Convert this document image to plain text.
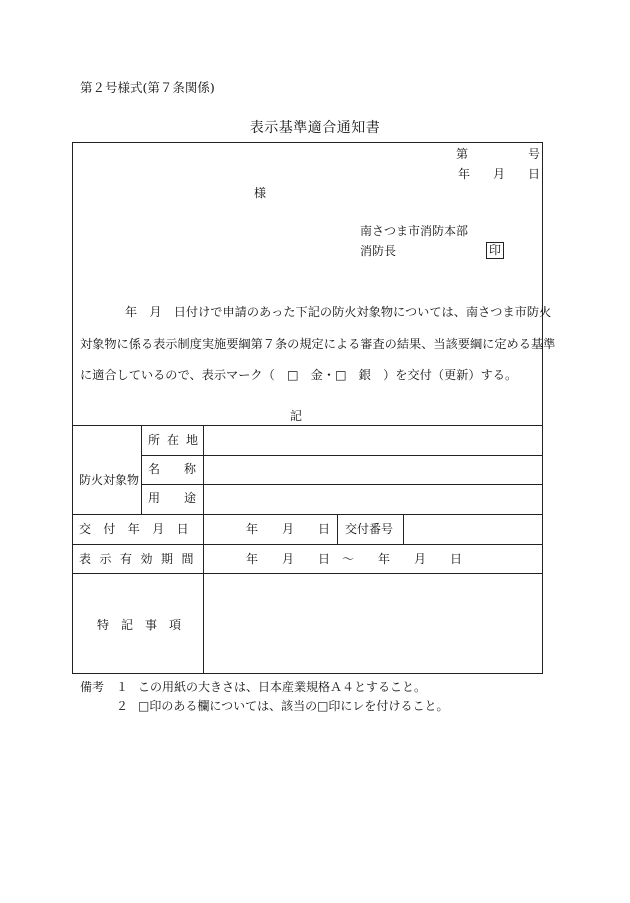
第２号様式(第７条関係)
表示基準適合通知書
第	号
年 月 日
様
南さつま市消防本部
消防長	印
年　月　日付けで申請のあった下記の防火対象物については、南さつま市防火
対象物に係る表示制度実施要綱第７条の規定による審査の結果、当該要綱に定める基準
に適合しているので、表示マーク（　□　金・□　銀　）を交付（更新）する。
記
防火対象物
所在地
名称
用途
交付年月日	年 月 日 交付番号
表示有効期間	年　　月　　日　～　　年　　月　　日
特記事項
備考 １ この用紙の大きさは、日本産業規格Ａ４とすること。
２ □印のある欄については、該当の□印にレを付けること。
